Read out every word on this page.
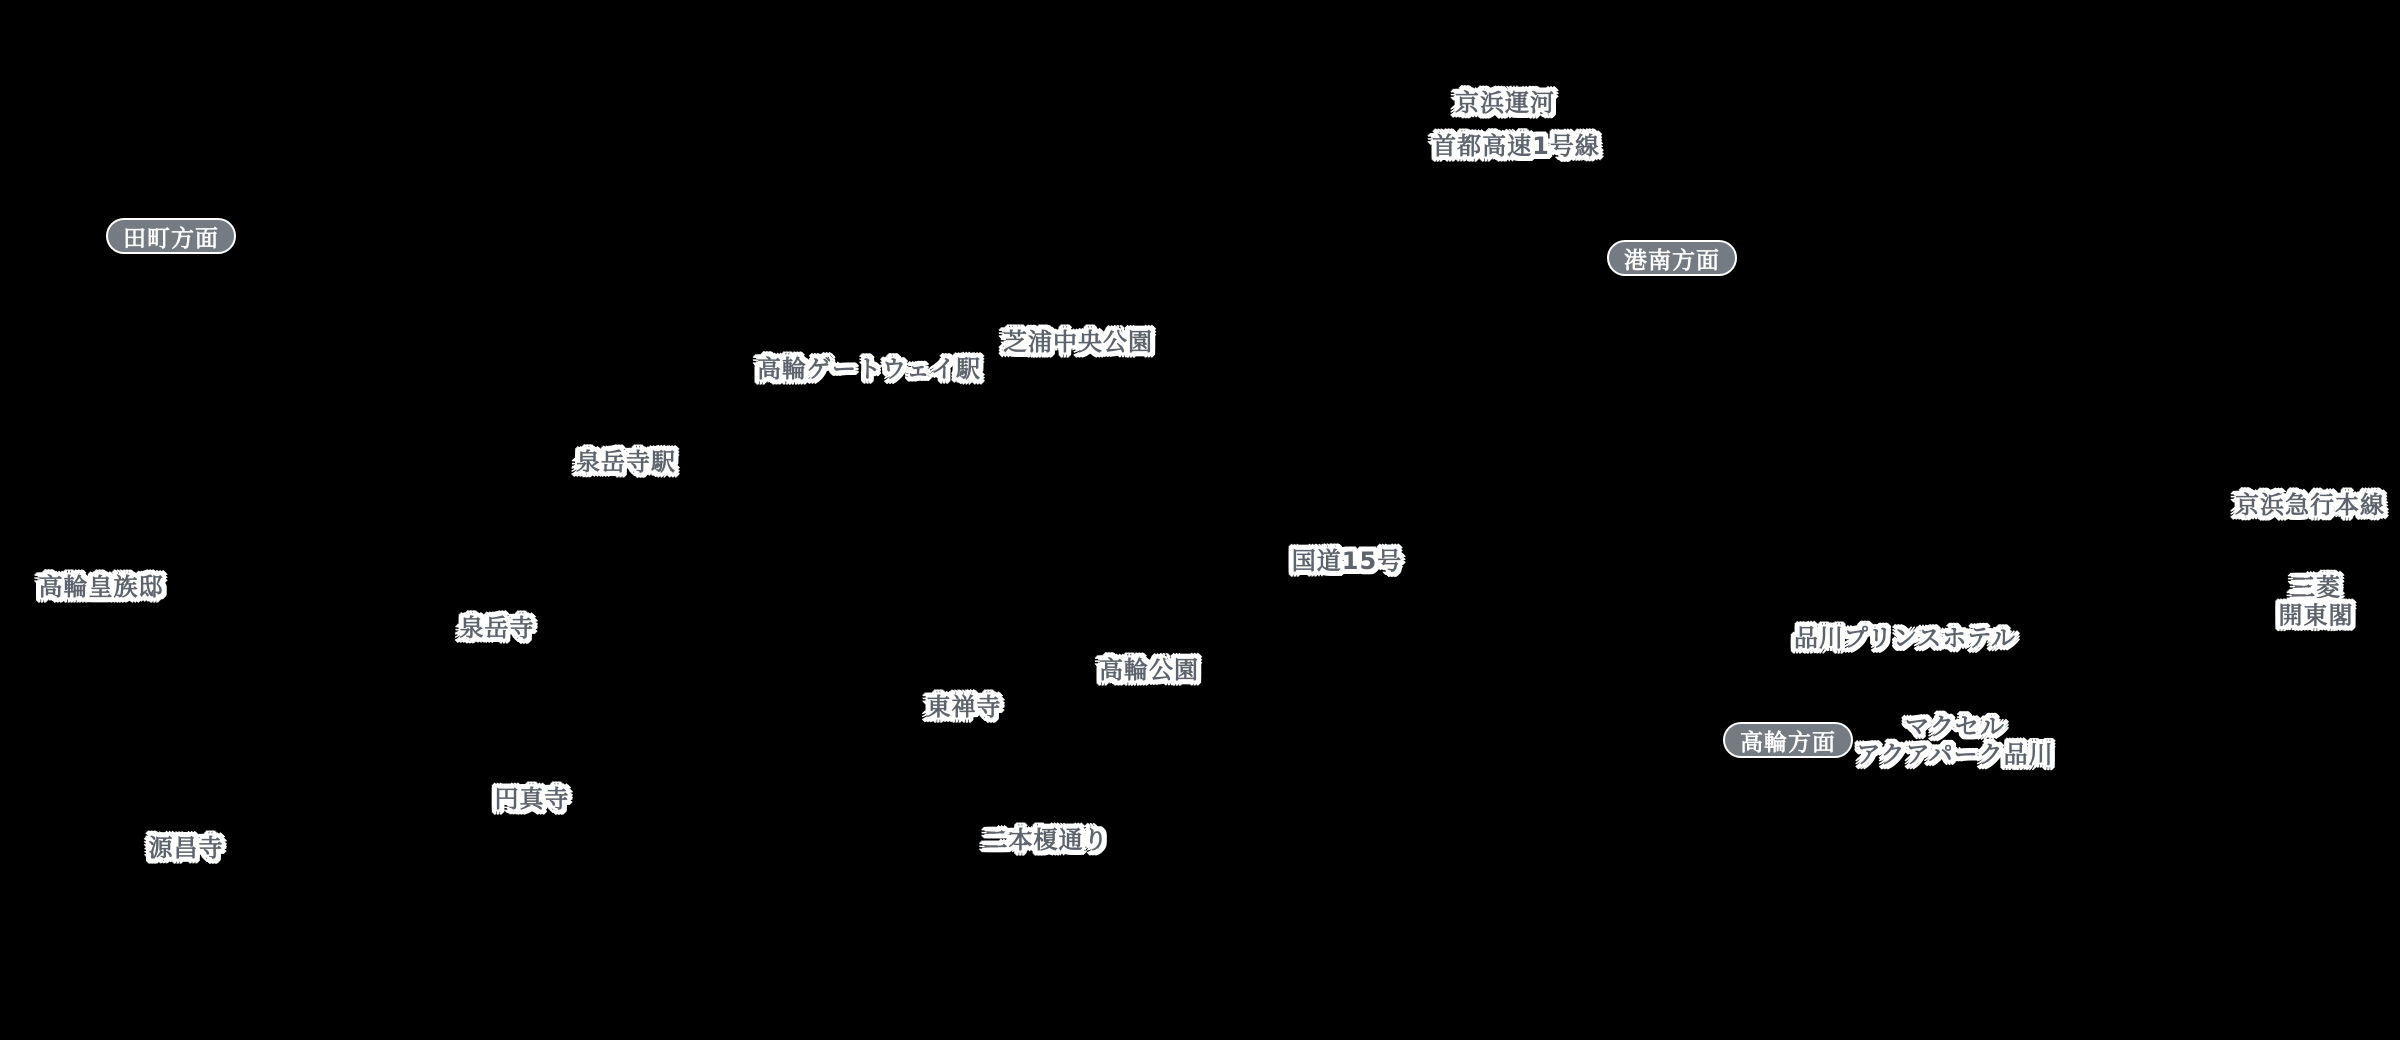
京浜運河
首都高速1号線
芝浦中央公園
高輪ゲートウェイ駅
泉岳寺駅
京浜急行本線
国道15号
高輪皇族邸
泉岳寺
三菱
開東閣
品川プリンスホテル
高輪公園
東禅寺
マクセル
アクアパーク品川
円真寺
二本榎通り
源昌寺
田町方面
港南方面
高輪方面
